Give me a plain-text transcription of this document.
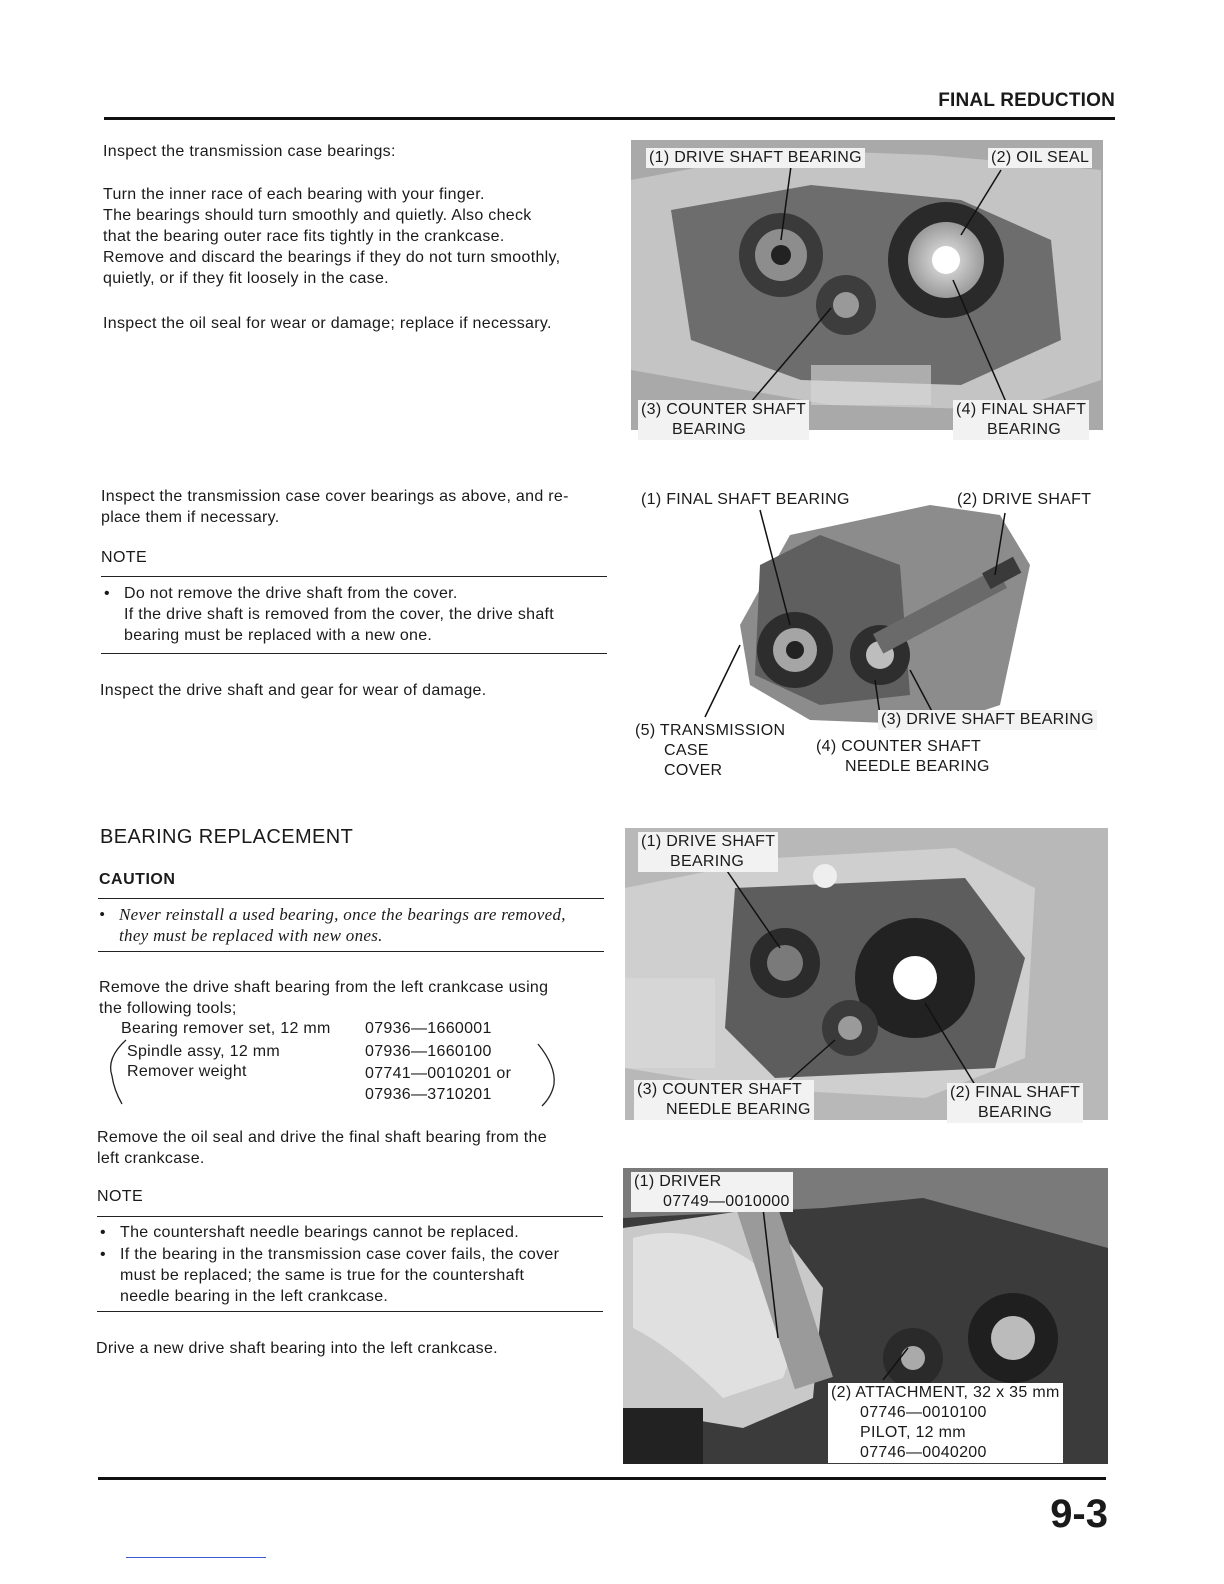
FINAL REDUCTION

Inspect the transmission case bearings:

Turn the inner race of each bearing with your finger.

The bearings should turn smoothly and quietly. Also check

that the bearing outer race fits tightly in the crankcase.

Remove and discard the bearings if they do not turn smoothly,

quietly, or if they fit loosely in the case.

Inspect the oil seal for wear or damage; replace if necessary.

Inspect the transmission case cover bearings as above, and re-

place them if necessary.

NOTE
• Do not remove the drive shaft from the cover.
If the drive shaft is removed from the cover, the drive shaft
bearing must be replaced with a new one.
Inspect the drive shaft and gear for wear of damage.
BEARING REPLACEMENT
CAUTION
• Never reinstall a used bearing, once the bearings are removed,
they must be replaced with new ones.

Remove the drive shaft bearing from the left crankcase using

the following tools;

Bearing remover set, 12 mm 07936—1660001
Spindle assy, 12 mm	07936—1660100
Remover weight	07741—0010201 or
07936—3710201

Remove the oil seal and drive the final shaft bearing from the

left crankcase.

NOTE
• The countershaft needle bearings cannot be replaced.
• If the bearing in the transmission case cover fails, the cover
must be replaced; the same is true for the countershaft
needle bearing in the left crankcase.
Drive a new drive shaft bearing into the left crankcase.
(1) DRIVE SHAFT BEARING	(2) OIL SEAL

(3) COUNTER SHAFT

BEARING

(4) FINAL SHAFT

BEARING

(1) FINAL SHAFT BEARING	(2) DRIVE SHAFT
(3) DRIVE SHAFT BEARING

(4) COUNTER SHAFT

NEEDLE BEARING

(5) TRANSMISSION

CASE

COVER

(1) DRIVE SHAFT

BEARING

(3) COUNTER SHAFT

NEEDLE BEARING

(2) FINAL SHAFT

BEARING

(1) DRIVER

07749—0010000

(2) ATTACHMENT, 32 x 35 mm

07746—0010100

PILOT, 12 mm

07746—0040200

9-3
